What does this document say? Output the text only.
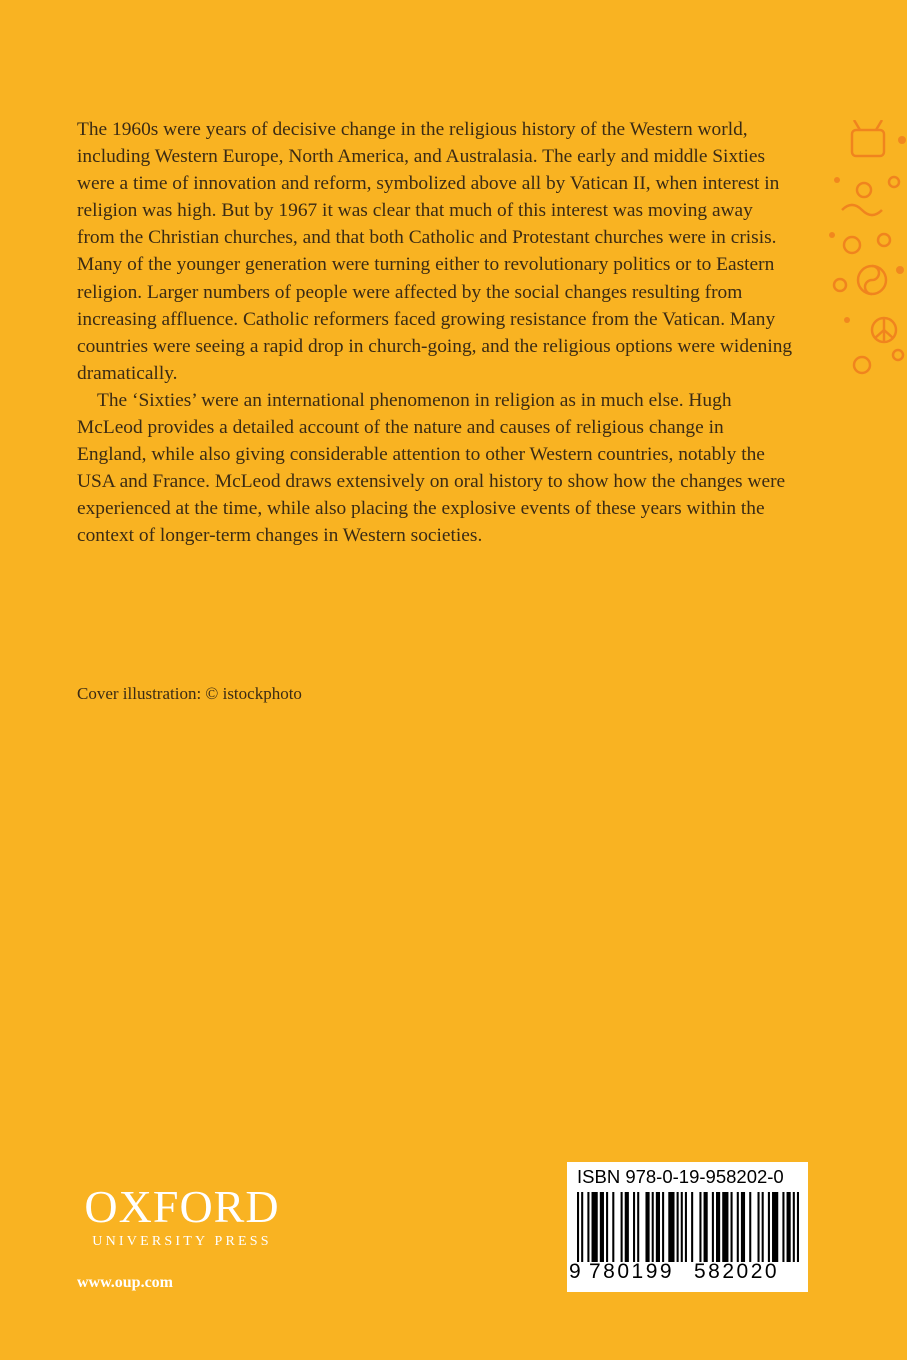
The 1960s were years of decisive change in the religious history of the Western world, including Western Europe, North America, and Australasia. The early and middle Sixties were a time of innovation and reform, symbolized above all by Vatican II, when interest in religion was high. But by 1967 it was clear that much of this interest was moving away from the Christian churches, and that both Catholic and Protestant churches were in crisis. Many of the younger generation were turning either to revolutionary politics or to Eastern religion. Larger numbers of people were affected by the social changes resulting from increasing affluence. Catholic reformers faced growing resistance from the Vatican. Many countries were seeing a rapid drop in church-going, and the religious options were widening dramatically.

The ‘Sixties’ were an international phenomenon in religion as in much else. Hugh McLeod provides a detailed account of the nature and causes of religious change in England, while also giving considerable attention to other Western countries, notably the USA and France. McLeod draws extensively on oral history to show how the changes were experienced at the time, while also placing the explosive events of these years within the context of longer-term changes in Western societies.

Cover illustration: © istockphoto
OXFORD
UNIVERSITY PRESS
www.oup.com
ISBN 978-0-19-958202-0
9 780199 582020
